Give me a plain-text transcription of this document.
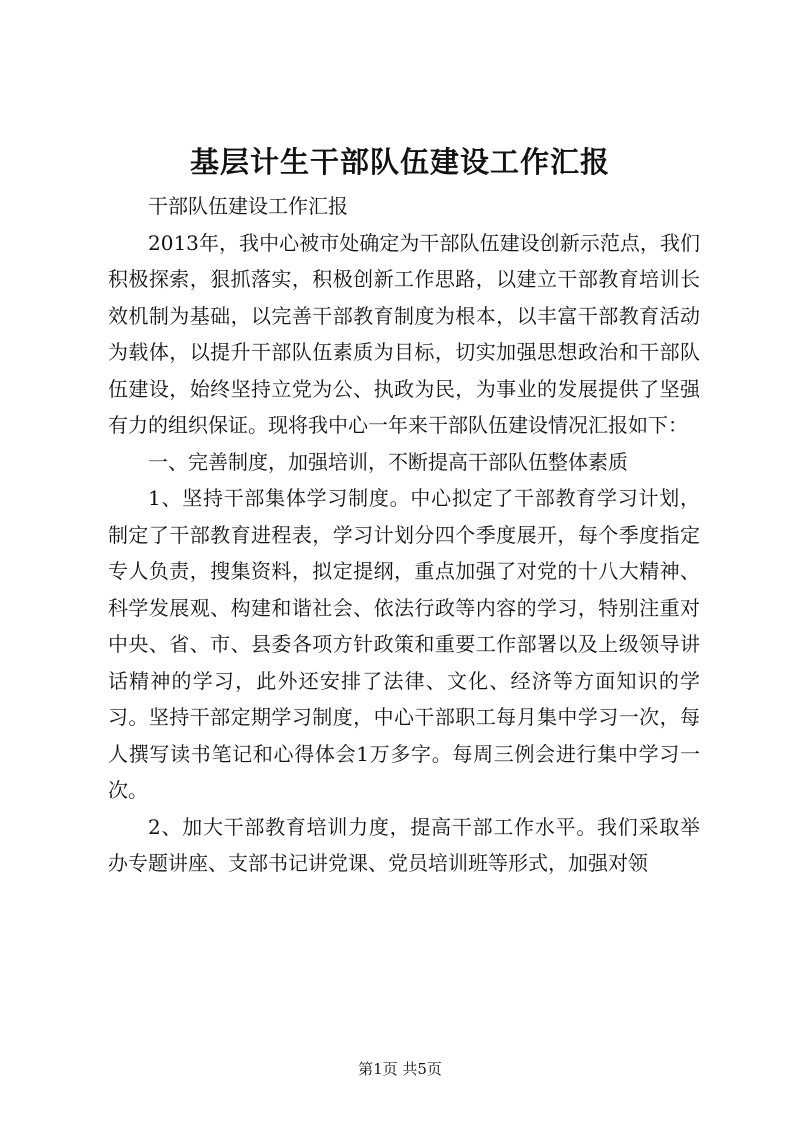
基层计生干部队伍建设工作汇报

干部队伍建设工作汇报

2013年，我中心被市处确定为干部队伍建设创新示范点，我们积极探索，狠抓落实，积极创新工作思路，以建立干部教育培训长效机制为基础，以完善干部教育制度为根本，以丰富干部教育活动为载体，以提升干部队伍素质为目标，切实加强思想政治和干部队伍建设，始终坚持立党为公、执政为民，为事业的发展提供了坚强有力的组织保证。现将我中心一年来干部队伍建设情况汇报如下：

一、完善制度，加强培训，不断提高干部队伍整体素质

1、坚持干部集体学习制度。中心拟定了干部教育学习计划，制定了干部教育进程表，学习计划分四个季度展开，每个季度指定专人负责，搜集资料，拟定提纲，重点加强了对党的十八大精神、科学发展观、构建和谐社会、依法行政等内容的学习，特别注重对中央、省、市、县委各项方针政策和重要工作部署以及上级领导讲话精神的学习，此外还安排了法律、文化、经济等方面知识的学习。坚持干部定期学习制度，中心干部职工每月集中学习一次，每人撰写读书笔记和心得体会1万多字。每周三例会进行集中学习一次。

2、加大干部教育培训力度，提高干部工作水平。我们采取举办专题讲座、支部书记讲党课、党员培训班等形式，加强对领

第1页 共5页
